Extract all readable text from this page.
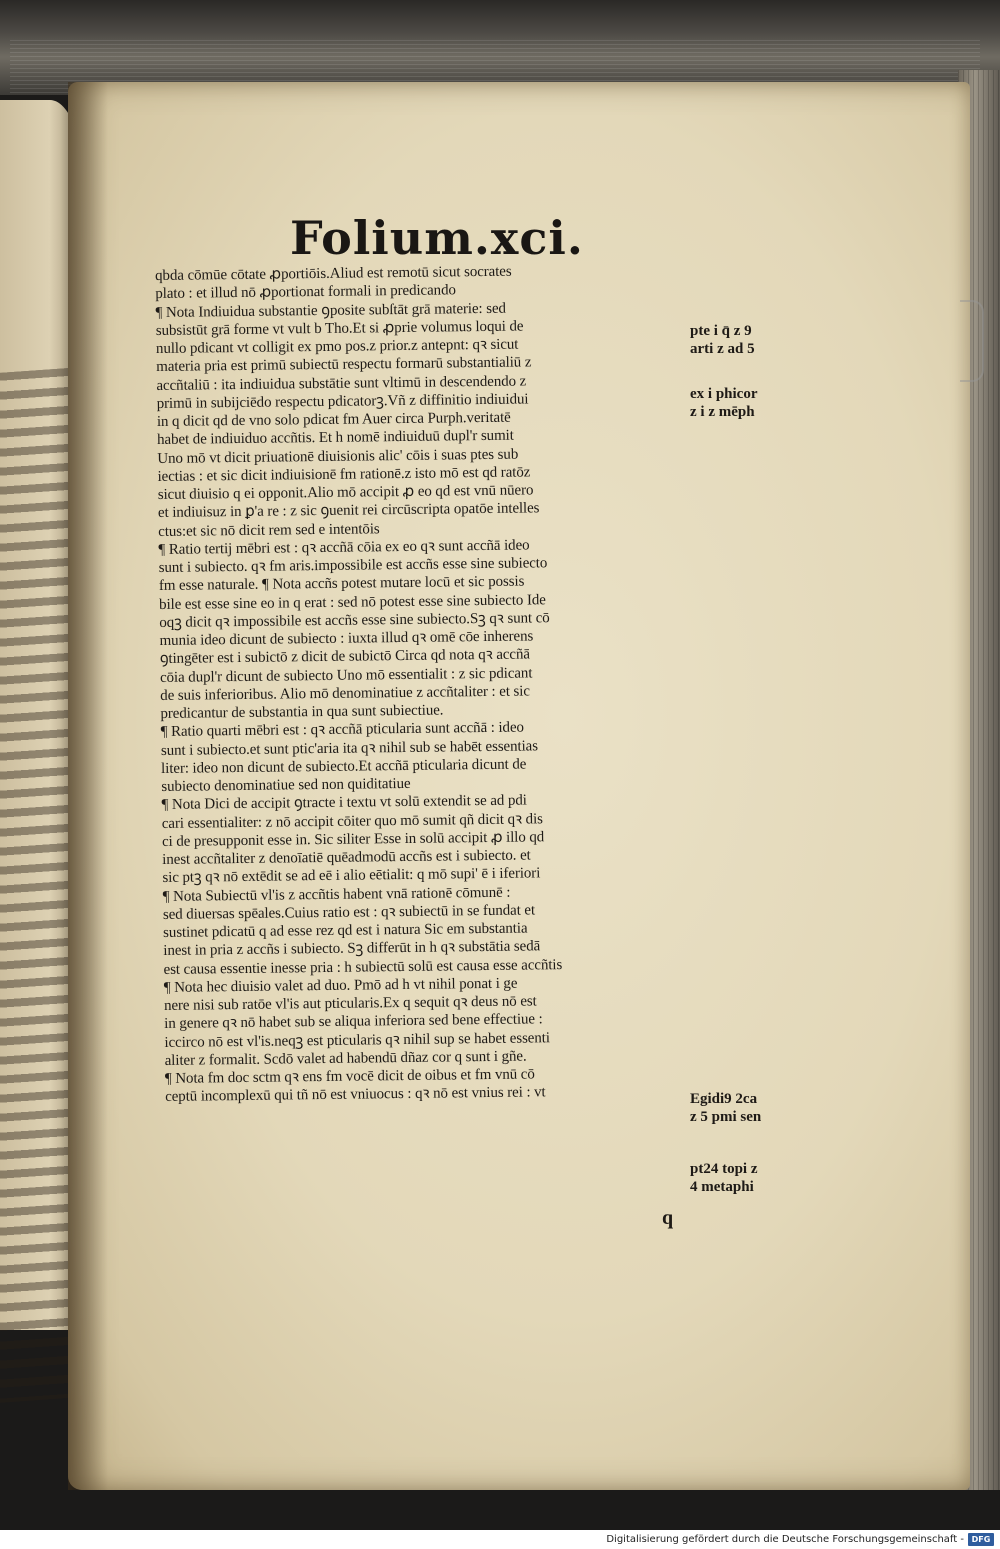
Folium.xci.
qbda cōmūe cōtate ꝓportiōis.Aliud est remotū sicut socrates
plato : et illud nō ꝓportionat formali in predicando
¶ Nota Indiuidua substantie ꝯposite subſtāt grā materie: sed
subsistūt grā forme vt vult b Tho.Et si ꝓprie volumus loqui de
nullo pdicant vt colligit ex pmo pos.z prior.z antepnt: qꝛ sicut
materia pria est primū subiectū respectu formarū substantialiū z
accñtaliū : ita indiuidua substātie sunt vltimū in descendendo z
primū in subijciēdo respectu pdicatorꝫ.Vñ z diffinitio indiuidui
in q dicit qd de vno solo pdicat fm Auer circa Purph.veritatē
habet de indiuiduo accñtis. Et h nomē indiuiduū dupl'r sumit
Uno mō vt dicit priuationē diuisionis alic' cōis i suas ptes sub
iectias : et sic dicit indiuisionē fm rationē.z isto mō est qd ratōz
sicut diuisio q ei opponit.Alio mō accipit ꝓ eo qd est vnū nūero
et indiuisuz in ꝑ'a re : z sic ꝯuenit rei circūscripta opatōe intelles
ctus:et sic nō dicit rem sed e intentōis
¶ Ratio tertij mēbri est : qꝛ accñā cōia ex eo qꝛ sunt accñā ideo
sunt i subiecto. qꝛ fm aris.impossibile est accñs esse sine subiecto
fm esse naturale. ¶ Nota accñs potest mutare locū et sic possis
bile est esse sine eo in q erat : sed nō potest esse sine subiecto Ide
oqꝫ dicit qꝛ impossibile est accñs esse sine subiecto.Sꝫ qꝛ sunt cō
munia ideo dicunt de subiecto : iuxta illud qꝛ omē cōe inherens
ꝯtingēter est i subictō z dicit de subictō Circa qd nota qꝛ accñā
cōia dupl'r dicunt de subiecto Uno mō essentialit : z sic pdicant
de suis inferioribus. Alio mō denominatiue z accñtaliter : et sic
predicantur de substantia in qua sunt subiectiue.
¶ Ratio quarti mēbri est : qꝛ accñā pticularia sunt accñā : ideo
sunt i subiecto.et sunt ptic'aria ita qꝛ nihil sub se habēt essentias
liter: ideo non dicunt de subiecto.Et accñā pticularia dicunt de
subiecto denominatiue sed non quiditatiue
¶ Nota Dici de accipit ꝯtracte i textu vt solū extendit se ad pdi
cari essentialiter: z nō accipit cōiter quo mō sumit qñ dicit qꝛ dis
ci de presupponit esse in. Sic siliter Esse in solū accipit ꝓ illo qd
inest accñtaliter z denoīatiē quēadmodū accñs est i subiecto. et
sic ptꝫ qꝛ nō extēdit se ad eē i alio eētialit: q mō supi' ē i iferiori
¶ Nota Subiectū vl'is z accñtis habent vnā rationē cōmunē :
sed diuersas spēales.Cuius ratio est : qꝛ subiectū in se fundat et
sustinet pdicatū q ad esse rez qd est i natura Sic em substantia
inest in pria z accñs i subiecto. Sꝫ differūt in h qꝛ substātia sedā
est causa essentie inesse pria : h subiectū solū est causa esse accñtis
¶ Nota hec diuisio valet ad duo. Pmō ad h vt nihil ponat i ge
nere nisi sub ratōe vl'is aut pticularis.Ex q sequit qꝛ deus nō est
in genere qꝛ nō habet sub se aliqua inferiora sed bene effectiue :
iccirco nō est vl'is.neqꝫ est pticularis qꝛ nihil sup se habet essenti
aliter z formalit. Scdō valet ad habendū dñaz cor q sunt i gñe.
¶ Nota fm doc sctm qꝛ ens fm vocē dicit de oibus et fm vnū cō
ceptū incomplexū qui tñ nō est vniuocus : qꝛ nō est vnius rei : vt
pte i q̄ z 9
arti z ad 5
ex i phicor
z i z mēph
Egidi9 2ca
z 5 pmi sen
pt24 topi z
4 metaphi
q
Digitalisierung gefördert durch die Deutsche Forschungsgemeinschaft - DFG
